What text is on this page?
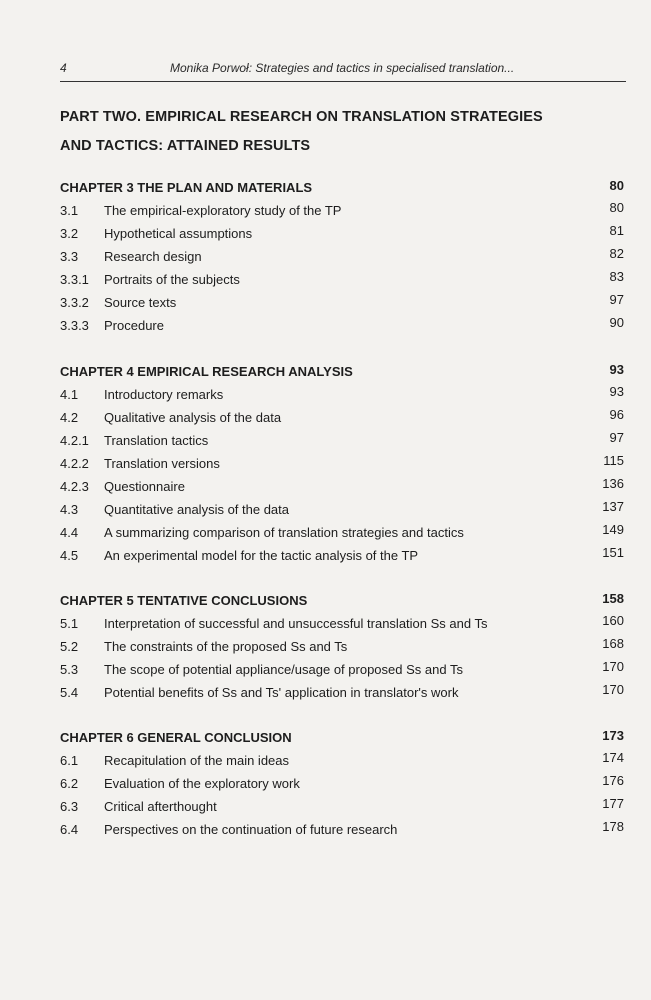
4	Monika Porwoł: Strategies and tactics in specialised translation...
PART TWO. EMPIRICAL RESEARCH ON TRANSLATION STRATEGIES
AND TACTICS: ATTAINED RESULTS
CHAPTER 3 THE PLAN AND MATERIALS	80
3.1 The empirical-exploratory study of the TP	80
3.2 Hypothetical assumptions	81
3.3 Research design	82
3.3.1 Portraits of the subjects	83
3.3.2 Source texts	97
3.3.3 Procedure	90
CHAPTER 4 EMPIRICAL RESEARCH ANALYSIS	93
4.1 Introductory remarks	93
4.2 Qualitative analysis of the data	96
4.2.1 Translation tactics	97
4.2.2 Translation versions	115
4.2.3 Questionnaire	136
4.3 Quantitative analysis of the data	137
4.4 A summarizing comparison of translation strategies and tactics	149
4.5 An experimental model for the tactic analysis of the TP	151
CHAPTER 5 TENTATIVE CONCLUSIONS	158
5.1 Interpretation of successful and unsuccessful translation Ss and Ts	160
5.2 The constraints of the proposed Ss and Ts	168
5.3 The scope of potential appliance/usage of proposed Ss and Ts	170
5.4 Potential benefits of Ss and Ts' application in translator's work	170
CHAPTER 6 GENERAL CONCLUSION	173
6.1 Recapitulation of the main ideas	174
6.2 Evaluation of the exploratory work	176
6.3 Critical afterthought	177
6.4 Perspectives on the continuation of future research	178
